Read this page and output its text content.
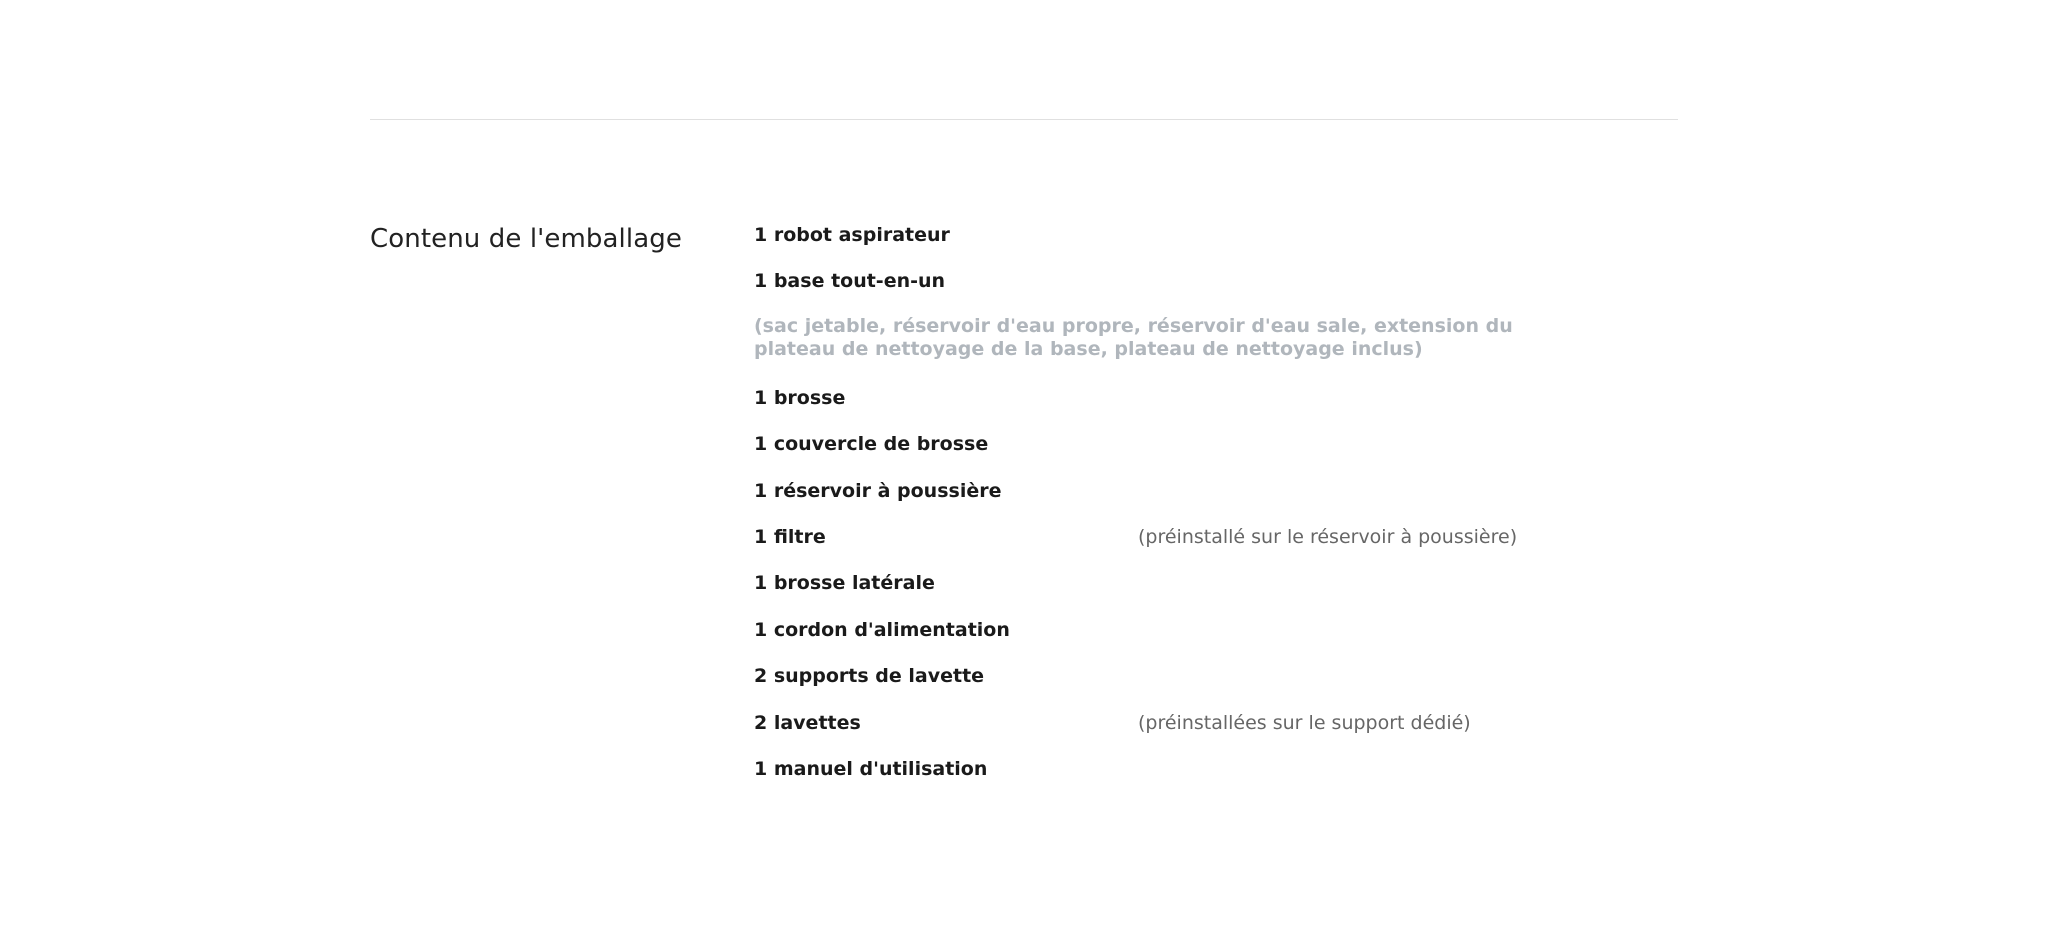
Contenu de l'emballage	1 robot aspirateur
1 base tout-en-un
(sac jetable, réservoir d'eau propre, réservoir d'eau sale, extension du plateau de nettoyage de la base, plateau de nettoyage inclus)
1 brosse
1 couvercle de brosse
1 réservoir à poussière
1 filtre	(préinstallé sur le réservoir à poussière)
1 brosse latérale
1 cordon d'alimentation
2 supports de lavette
2 lavettes	(préinstallées sur le support dédié)
1 manuel d'utilisation
